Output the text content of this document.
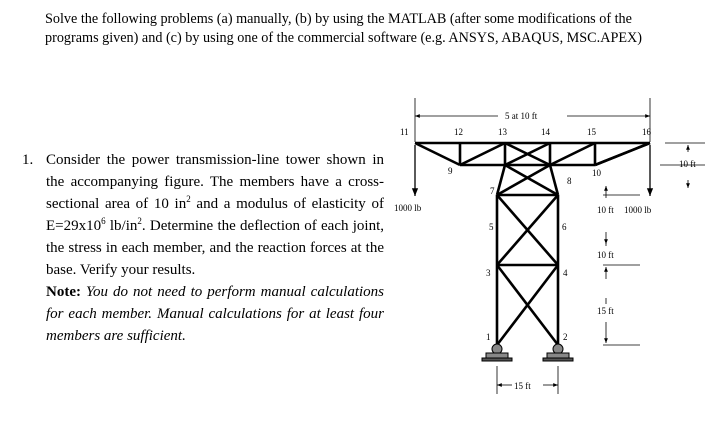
Solve the following problems (a) manually, (b) by using the MATLAB (after some modifications of the programs given) and (c) by using one of the commercial software (e.g. ANSYS, ABAQUS, MSC.APEX)
1. Consider the power transmission-line tower shown in the accompanying figure. The members have a cross-sectional area of 10 $in^2$ and a modulus of elasticity of $E=29x10^6$ $lb/in^2$. Determine the deflection of each joint, the stress in each member, and the reaction forces at the base. Verify your results.
Note: You do not need to perform manual calculations for each member. Manual calculations for at least four members are sufficient.	1	2
3	4
5	6
7
8
9	10
11	12	13	14	15	16
5 at 10 ft
10 ft
10 ft
10 ft
15 ft
15 ft
1000 lb	1000 lb
